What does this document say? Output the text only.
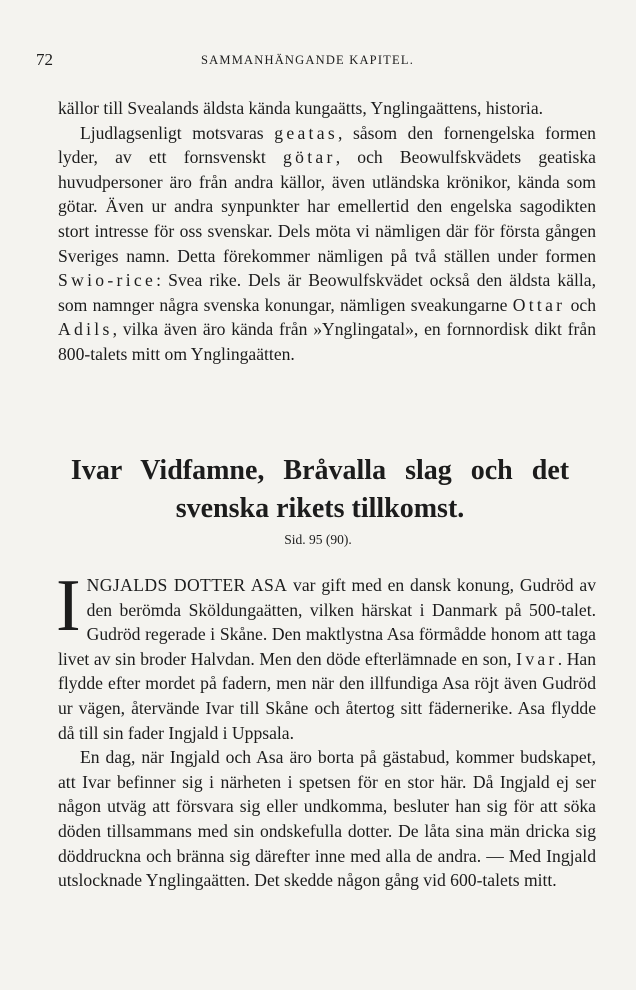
72	SAMMANHÄNGANDE KAPITEL.

källor till Svealands äldsta kända kungaätts, Ynglingaättens, historia.

Ljudlagsenligt motsvaras geatas, såsom den fornengelska formen lyder, av ett fornsvenskt götar, och Beowulfskvädets geatiska huvudpersoner äro från andra källor, även utländska krönikor, kända som götar. Även ur andra synpunkter har emellertid den engelska sagodikten stort intresse för oss svenskar. Dels möta vi nämligen där för första gången Sveriges namn. Detta förekommer nämligen på två ställen under formen Swio-rice: Svea rike. Dels är Beowulfskvädet också den äldsta källa, som namnger några svenska konungar, nämligen sveakungarne Ottar och Adils, vilka även äro kända från »Ynglingatal», en fornnordisk dikt från 800-talets mitt om Ynglingaätten.

Ivar Vidfamne, Bråvalla slag och det
svenska rikets tillkomst.
Sid. 95 (90).

INGJALDS DOTTER ASA var gift med en dansk konung, Gudröd av den berömda Sköldungaätten, vilken härskat i Danmark på 500-talet. Gudröd regerade i Skåne. Den maktlystna Asa förmådde honom att taga livet av sin broder Halvdan. Men den döde efterlämnade en son, Ivar. Han flydde efter mordet på fadern, men när den illfundiga Asa röjt även Gudröd ur vägen, återvände Ivar till Skåne och återtog sitt fädernerike. Asa flydde då till sin fader Ingjald i Uppsala.

En dag, när Ingjald och Asa äro borta på gästabud, kommer budskapet, att Ivar befinner sig i närheten i spetsen för en stor här. Då Ingjald ej ser någon utväg att försvara sig eller undkomma, besluter han sig för att söka döden tillsammans med sin ondskefulla dotter. De låta sina män dricka sig döddruckna och bränna sig därefter inne med alla de andra. — Med Ingjald utslocknade Ynglingaätten. Det skedde någon gång vid 600-talets mitt.
